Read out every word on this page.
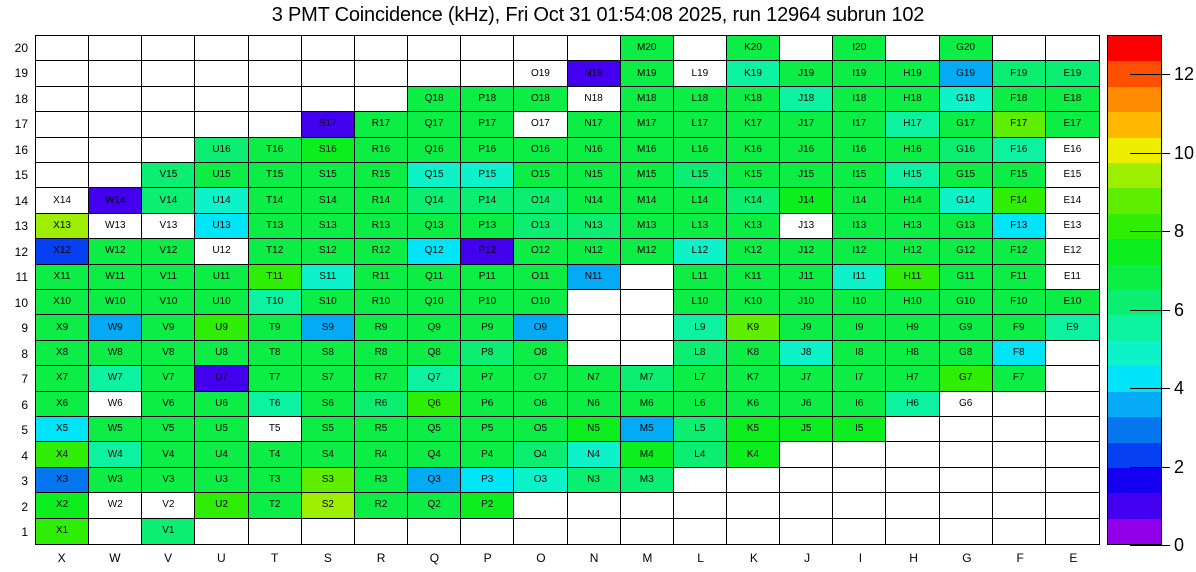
3 PMT Coincidence (kHz), Fri Oct 31 01:54:08 2025, run 12964 subrun 102
M20	K20	I20	G20
O19	N19	M19	L19	K19	J19	I19	H19	G19	F19	E19
Q18	P18	O18	N18	M18	L18	K18	J18	I18	H18	G18	F18	E18
S17	R17	Q17	P17	O17	N17	M17	L17	K17	J17	I17	H17	G17	F17	E17
U16	T16	S16	R16	Q16	P16	O16	N16	M16	L16	K16	J16	I16	H16	G16	F16	E16
V15	U15	T15	S15	R15	Q15	P15	O15	N15	M15	L15	K15	J15	I15	H15	G15	F15	E15
X14	W14	V14	U14	T14	S14	R14	Q14	P14	O14	N14	M14	L14	K14	J14	I14	H14	G14	F14	E14
X13	W13	V13	U13	T13	S13	R13	Q13	P13	O13	N13	M13	L13	K13	J13	I13	H13	G13	F13	E13
X12	W12	V12	U12	T12	S12	R12	Q12	P12	O12	N12	M12	L12	K12	J12	I12	H12	G12	F12	E12
X11	W11	V11	U11	T11	S11	R11	Q11	P11	O11	N11	L11	K11	J11	I11	H11	G11	F11	E11
X10	W10	V10	U10	T10	S10	R10	Q10	P10	O10	L10	K10	J10	I10	H10	G10	F10	E10
X9	W9	V9	U9	T9	S9	R9	Q9	P9	O9	L9	K9	J9	I9	H9	G9	F9	E9
X8	W8	V8	U8	T8	S8	R8	Q8	P8	O8	L8	K8	J8	I8	H8	G8	F8
X7	W7	V7	U7	T7	S7	R7	Q7	P7	O7	N7	M7	L7	K7	J7	I7	H7	G7	F7
X6	W6	V6	U6	T6	S6	R6	Q6	P6	O6	N6	M6	L6	K6	J6	I6	H6	G6
X5	W5	V5	U5	T5	S5	R5	Q5	P5	O5	N5	M5	L5	K5	J5	I5
X4	W4	V4	U4	T4	S4	R4	Q4	P4	O4	N4	M4	L4	K4
X3	W3	V3	U3	T3	S3	R3	Q3	P3	O3	N3	M3
X2	W2	V2	U2	T2	S2	R2	Q2	P2
X1	V1
20
19
18
17
16
15
14
13
12
11
10
9
8
7
6
5
4
3
2
1
X	W	V	U	T	S	R	Q	P	O	N	M	L	K	J	I	H	G	F	E
12
10
8
6
4
2
0
